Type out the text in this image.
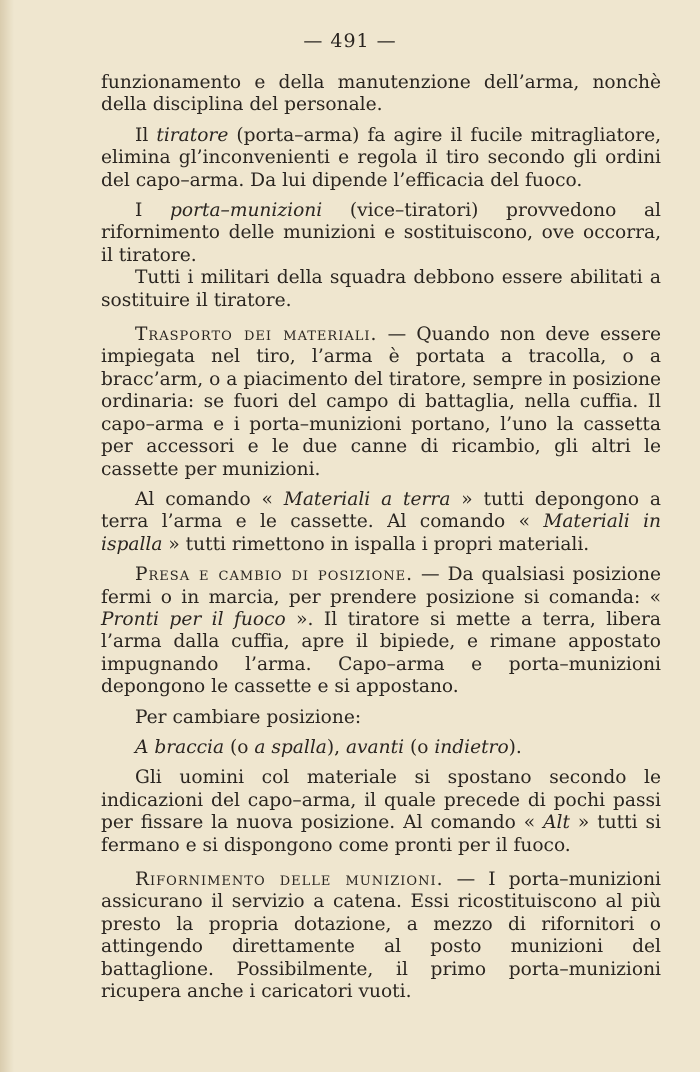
— 491 —

funzionamento e della manutenzione dell’arma, nonchè della disciplina del personale.

Il tiratore (porta–arma) fa agire il fucile mitragliatore, elimina gl’inconvenienti e regola il tiro secondo gli ordini del capo–arma. Da lui dipende l’efficacia del fuoco.

I porta–munizioni (vice–tiratori) provvedono al rifornimento delle munizioni e sostituiscono, ove occorra, il tiratore.

Tutti i militari della squadra debbono essere abilitati a sostituire il tiratore.

Trasporto dei materiali. — Quando non deve essere impiegata nel tiro, l’arma è portata a tracolla, o a bracc’arm, o a piacimento del tiratore, sempre in posizione ordinaria: se fuori del campo di battaglia, nella cuffia. Il capo–arma e i porta–munizioni portano, l’uno la cassetta per accessori e le due canne di ricambio, gli altri le cassette per munizioni.

Al comando « Materiali a terra » tutti depongono a terra l’arma e le cassette. Al comando « Materiali in ispalla » tutti rimettono in ispalla i propri materiali.

Presa e cambio di posizione. — Da qualsiasi posizione fermi o in marcia, per prendere posizione si comanda: « Pronti per il fuoco ». Il tiratore si mette a terra, libera l’arma dalla cuffia, apre il bipiede, e rimane appostato impugnando l’arma. Capo–arma e porta–munizioni depongono le cassette e si appostano.

Per cambiare posizione:

A braccia (o a spalla), avanti (o indietro).

Gli uomini col materiale si spostano secondo le indicazioni del capo–arma, il quale precede di pochi passi per fissare la nuova posizione. Al comando « Alt » tutti si fermano e si dispongono come pronti per il fuoco.

Rifornimento delle munizioni. — I porta–munizioni assicurano il servizio a catena. Essi ricostituiscono al più presto la propria dotazione, a mezzo di rifornitori o attingendo direttamente al posto munizioni del battaglione. Possibilmente, il primo porta–munizioni ricupera anche i caricatori vuoti.
